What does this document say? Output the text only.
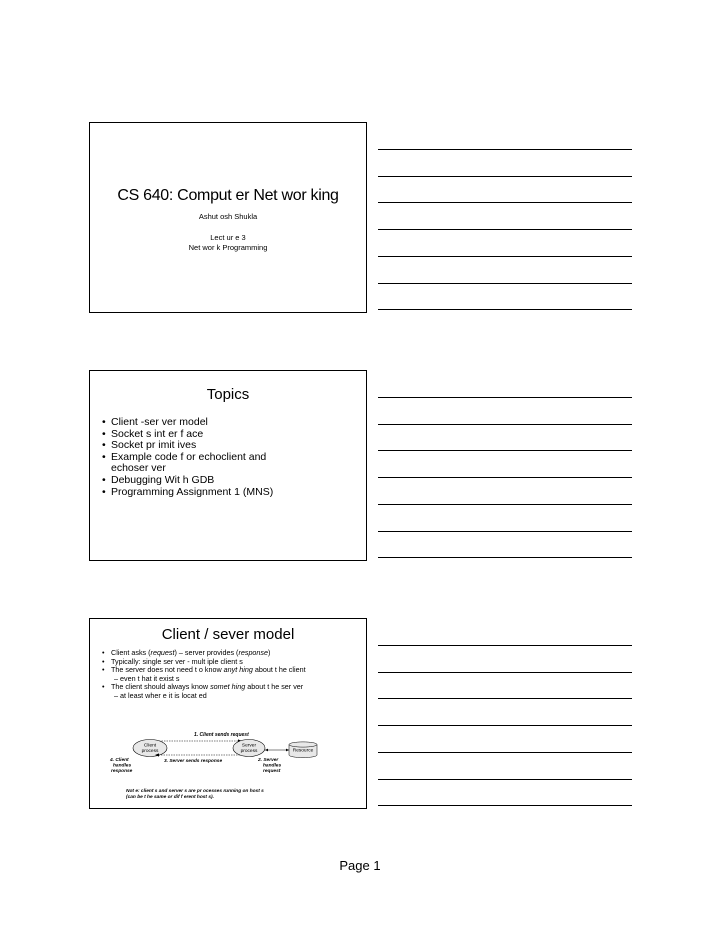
CS 640: Comput er Net wor king
Ashut osh Shukla
Lect ur e 3
Net wor k Programming
Topics
• Client -ser ver model
• Socket s int er f ace
• Socket pr imit ives
• Example code f or echoclient and echoser ver
• Debugging Wit h GDB
• Programming Assignment 1 (MNS)
Client / sever model
• Client asks (request) – server provides (response)
• Typically: single ser ver - mult iple client s
• The server does not need t o know anyt hing about t he client
– even t hat it exist s
• The client should always know somet hing about t he ser ver
– at least wher e it is locat ed
1. Client sends request
Client
process
Server
process	Resource
4. Client
handles
response
3. Server sends response	2. Server
handles
request
Not e: client s and server s are pr ocesses running on host s
(can be t he same or dif f erent host s).
Page 1
